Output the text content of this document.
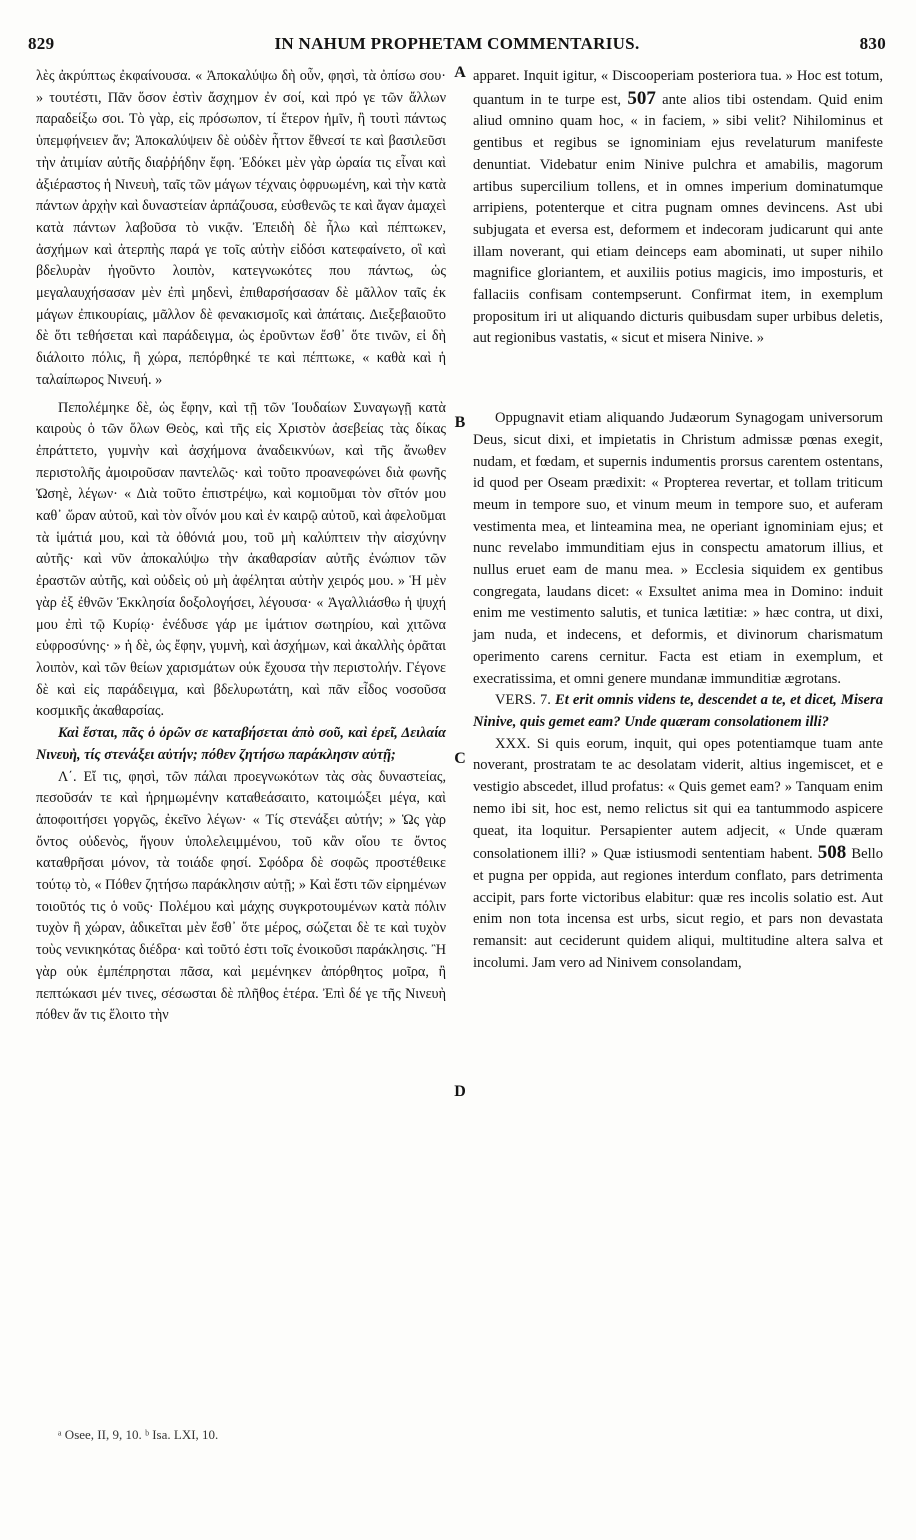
829	IN NAHUM PROPHETAM COMMENTARIUS.	830

λὲς ἀκρύπτως ἐκφαίνουσα. « Ἀποκαλύψω δὴ οὖν, φησὶ, τὰ ὀπίσω σου· » τουτέστι, Πᾶν ὅσον ἐστὶν ἄσχημον ἐν σοί, καὶ πρό γε τῶν ἄλλων παραδείξω σοι. Τὸ γὰρ, εἰς πρόσωπον, τί ἕτερον ἡμῖν, ἢ τουτὶ πάντως ὑπεμφήνειεν ἄν; Ἀποκαλύψειν δὲ οὐδὲν ἧττον ἔθνεσί τε καὶ βασιλεῦσι τὴν ἀτιμίαν αὐτῆς διαῤῥήδην ἔφη. Ἐδόκει μὲν γὰρ ὡραία τις εἶναι καὶ ἀξιέραστος ἡ Νινευὴ, ταῖς τῶν μάγων τέχναις ὀφρυωμένη, καὶ τὴν κατὰ πάντων ἀρχὴν καὶ δυναστείαν ἁρπάζουσα, εὐσθενῶς τε καὶ ἄγαν ἀμαχεὶ κατὰ πάντων λαβοῦσα τὸ νικᾷν. Ἐπειδὴ δὲ ἧλω καὶ πέπτωκεν, ἀσχήμων καὶ ἀτερπὴς παρά γε τοῖς αὐτὴν εἰδόσι κατεφαίνετο, οἳ καὶ βδελυρὰν ἡγοῦντο λοιπὸν, κατεγνωκότες που πάντως, ὡς μεγαλαυχήσασαν μὲν ἐπὶ μηδενὶ, ἐπιθαρσήσασαν δὲ μᾶλλον ταῖς ἐκ μάγων ἐπικουρίαις, μᾶλλον δὲ φενακισμοῖς καὶ ἀπάταις. Διεξεβαιοῦτο δὲ ὅτι τεθήσεται καὶ παράδειγμα, ὡς ἐροῦντων ἔσθ᾿ ὅτε τινῶν, εἰ δὴ διάλοιτο πόλις, ἢ χώρα, πεπόρθηκέ τε καὶ πέπτωκε, « καθὰ καὶ ἡ ταλαίπωρος Νινευή. »

Πεπολέμηκε δὲ, ὡς ἔφην, καὶ τῇ τῶν Ἰουδαίων Συναγωγῇ κατὰ καιροὺς ὁ τῶν ὅλων Θεὸς, καὶ τῆς εἰς Χριστὸν ἀσεβείας τὰς δίκας ἐπράττετο, γυμνὴν καὶ ἀσχήμονα ἀναδεικνύων, καὶ τῆς ἄνωθεν περιστολῆς ἀμοιροῦσαν παντελῶς· καὶ τοῦτο προανεφώνει διὰ φωνῆς Ὠσηὲ, λέγων· « Διὰ τοῦτο ἐπιστρέψω, καὶ κομιοῦμαι τὸν σῖτόν μου καθ᾿ ὥραν αὐτοῦ, καὶ τὸν οἶνόν μου καὶ ἐν καιρῷ αὐτοῦ, καὶ ἀφελοῦμαι τὰ ἱμάτιά μου, καὶ τὰ ὀθόνιά μου, τοῦ μὴ καλύπτειν τὴν αἰσχύνην αὐτῆς· καὶ νῦν ἀποκαλύψω τὴν ἀκαθαρσίαν αὐτῆς ἐνώπιον τῶν ἐραστῶν αὐτῆς, καὶ οὐδεὶς οὐ μὴ ἀφέληται αὐτὴν χειρός μου. » Ἡ μὲν γὰρ ἐξ ἐθνῶν Ἐκκλησία δοξολογήσει, λέγουσα· « Ἀγαλλιάσθω ἡ ψυχή μου ἐπὶ τῷ Κυρίῳ· ἐνέδυσε γάρ με ἱμάτιον σωτηρίου, καὶ χιτῶνα εὐφροσύνης· » ἡ δὲ, ὡς ἔφην, γυμνὴ, καὶ ἀσχήμων, καὶ ἀκαλλὴς ὁρᾶται λοιπὸν, καὶ τῶν θείων χαρισμάτων οὐκ ἔχουσα τὴν περιστολήν. Γέγονε δὲ καὶ εἰς παράδειγμα, καὶ βδελυρωτάτη, καὶ πᾶν εἶδος νοσοῦσα κοσμικῆς ἀκαθαρσίας.

Καὶ ἔσται, πᾶς ὁ ὁρῶν σε καταβήσεται ἀπὸ σοῦ, καὶ ἐρεῖ, Δειλαία Νινευὴ, τίς στενάξει αὐτήν; πόθεν ζητήσω παράκλησιν αὐτῇ;

Λ΄. Εἴ τις, φησὶ, τῶν πάλαι προεγνωκότων τὰς σὰς δυναστείας, πεσοῦσάν τε καὶ ἠρημωμένην καταθεάσαιτο, κατοιμώξει μέγα, καὶ ἀποφοιτήσει γοργῶς, ἐκεῖνο λέγων· « Τίς στενάξει αὐτήν; » Ὡς γὰρ ὄντος οὐδενὸς, ἥγουν ὑπολελειμμένου, τοῦ κἂν οἴου τε ὄντος καταθρῆσαι μόνον, τὰ τοιάδε φησί. Σφόδρα δὲ σοφῶς προστέθεικε τούτῳ τὸ, « Πόθεν ζητήσω παράκλησιν αὐτῇ; » Καὶ ἔστι τῶν εἰρημένων τοιοῦτός τις ὁ νοῦς· Πολέμου καὶ μάχης συγκροτουμένων κατὰ πόλιν τυχὸν ἢ χώραν, ἀδικεῖται μὲν ἔσθ᾿ ὅτε μέρος, σώζεται δὲ τε καὶ τυχὸν τοὺς νενικηκότας διέδρα· καὶ τοῦτό ἐστι τοῖς ἐνοικοῦσι παράκλησις. Ἢ γὰρ οὐκ ἐμπέπρησται πᾶσα, καὶ μεμένηκεν ἀπόρθητος μοῖρα, ἢ πεπτώκασι μέν τινες, σέσωσται δὲ πλῆθος ἑτέρα. Ἐπὶ δέ γε τῆς Νινευὴ πόθεν ἄν τις ἕλοιτο τὴν

A
B
C
D

apparet. Inquit igitur, « Discooperiam posteriora tua. » Hoc est totum, quantum in te turpe est, 507 ante alios tibi ostendam. Quid enim aliud omnino quam hoc, « in faciem, » sibi velit? Nihilominus et gentibus et regibus se ignominiam ejus revelaturum manifeste denuntiat. Videbatur enim Ninive pulchra et amabilis, magorum artibus supercilium tollens, et in omnes imperium dominatumque arripiens, potenterque et citra pugnam omnes devincens. Ast ubi subjugata et eversa est, deformem et indecoram judicarunt qui ante illam noverant, qui etiam deinceps eam abominati, ut super nihilo magnifice gloriantem, et auxiliis potius magicis, imo imposturis, et fallaciis confisam contempserunt. Confirmat item, in exemplum propositum iri ut aliquando dicturis quibusdam super urbibus deletis, aut regionibus vastatis, « sicut et misera Ninive. »

Oppugnavit etiam aliquando Judæorum Synagogam universorum Deus, sicut dixi, et impietatis in Christum admissæ pœnas exegit, nudam, et fœdam, et supernis indumentis prorsus carentem ostentans, id quod per Oseam prædixit: « Propterea revertar, et tollam triticum meum in tempore suo, et vinum meum in tempore suo, et auferam vestimenta mea, et linteamina mea, ne operiant ignominiam ejus; et nunc revelabo immunditiam ejus in conspectu amatorum illius, et nullus eruet eam de manu mea. » Ecclesia siquidem ex gentibus congregata, laudans dicet: « Exsultet anima mea in Domino: induit enim me vestimento salutis, et tunica lætitiæ: » hæc contra, ut dixi, jam nuda, et indecens, et deformis, et divinorum charismatum operimento carens cernitur. Facta est etiam in exemplum, et execratissima, et omni genere mundanæ immunditiæ ægrotans.

VERS. 7. Et erit omnis videns te, descendet a te, et dicet, Misera Ninive, quis gemet eam? Unde quæram consolationem illi?

XXX. Si quis eorum, inquit, qui opes potentiamque tuam ante noverant, prostratam te ac desolatam viderit, altius ingemiscet, et e vestigio abscedet, illud profatus: « Quis gemet eam? » Tanquam enim nemo ibi sit, hoc est, nemo relictus sit qui ea tantummodo aspicere queat, ita loquitur. Persapienter autem adjecit, « Unde quæram consolationem illi? » Quæ istiusmodi sententiam habent. 508 Bello et pugna per oppida, aut regiones interdum conflato, pars detrimenta accipit, pars forte victoribus elabitur: quæ res incolis solatio est. Aut enim non tota incensa est urbs, sicut regio, et pars non devastata remansit: aut ceciderunt quidem aliqui, multitudine altera salva et incolumi. Jam vero ad Ninivem consolandam,

ᵃ Osee, II, 9, 10. ᵇ Isa. LXI, 10.
